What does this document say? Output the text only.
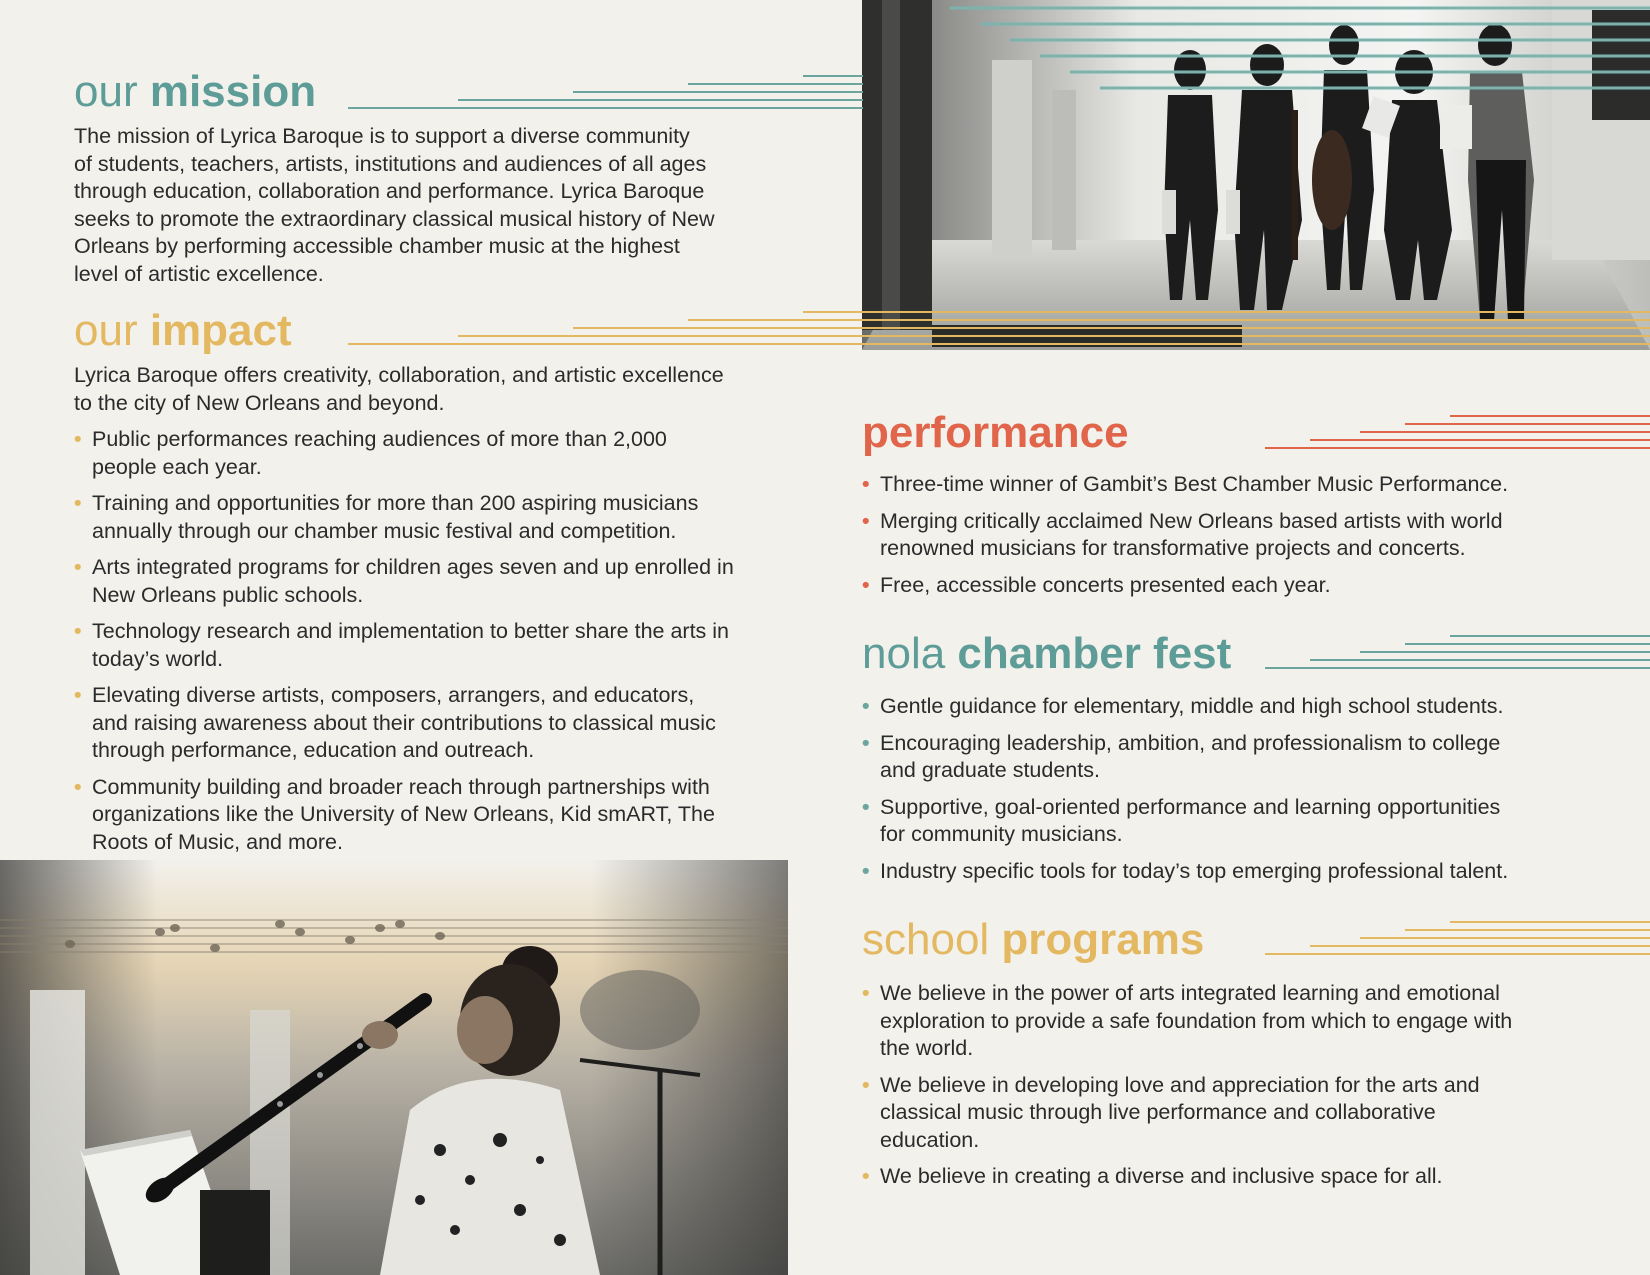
our mission
The mission of Lyrica Baroque is to support a diverse community
of students, teachers, artists, institutions and audiences of all ages
through education, collaboration and performance. Lyrica Baroque
seeks to promote the extraordinary classical musical history of New
Orleans by performing accessible chamber music at the highest
level of artistic excellence.
our impact
Lyrica Baroque offers creativity, collaboration, and artistic excellence
to the city of New Orleans and beyond.
• Public performances reaching audiences of more than 2,000
people each year.
• Training and opportunities for more than 200 aspiring musicians
annually through our chamber music festival and competition.
• Arts integrated programs for children ages seven and up enrolled in
New Orleans public schools.
• Technology research and implementation to better share the arts in
today’s world.
• Elevating diverse artists, composers, arrangers, and educators,
and raising awareness about their contributions to classical music
through performance, education and outreach.
• Community building and broader reach through partnerships with
organizations like the University of New Orleans, Kid smART, The
Roots of Music, and more.
performance
• Three-time winner of Gambit’s Best Chamber Music Performance.
• Merging critically acclaimed New Orleans based artists with world
renowned musicians for transformative projects and concerts.
• Free, accessible concerts presented each year.
nola chamber fest
• Gentle guidance for elementary, middle and high school students.
• Encouraging leadership, ambition, and professionalism to college
and graduate students.
• Supportive, goal-oriented performance and learning opportunities
for community musicians.
• Industry specific tools for today’s top emerging professional talent.
school programs
• We believe in the power of arts integrated learning and emotional
exploration to provide a safe foundation from which to engage with
the world.
• We believe in developing love and appreciation for the arts and
classical music through live performance and collaborative
education.
• We believe in creating a diverse and inclusive space for all.
